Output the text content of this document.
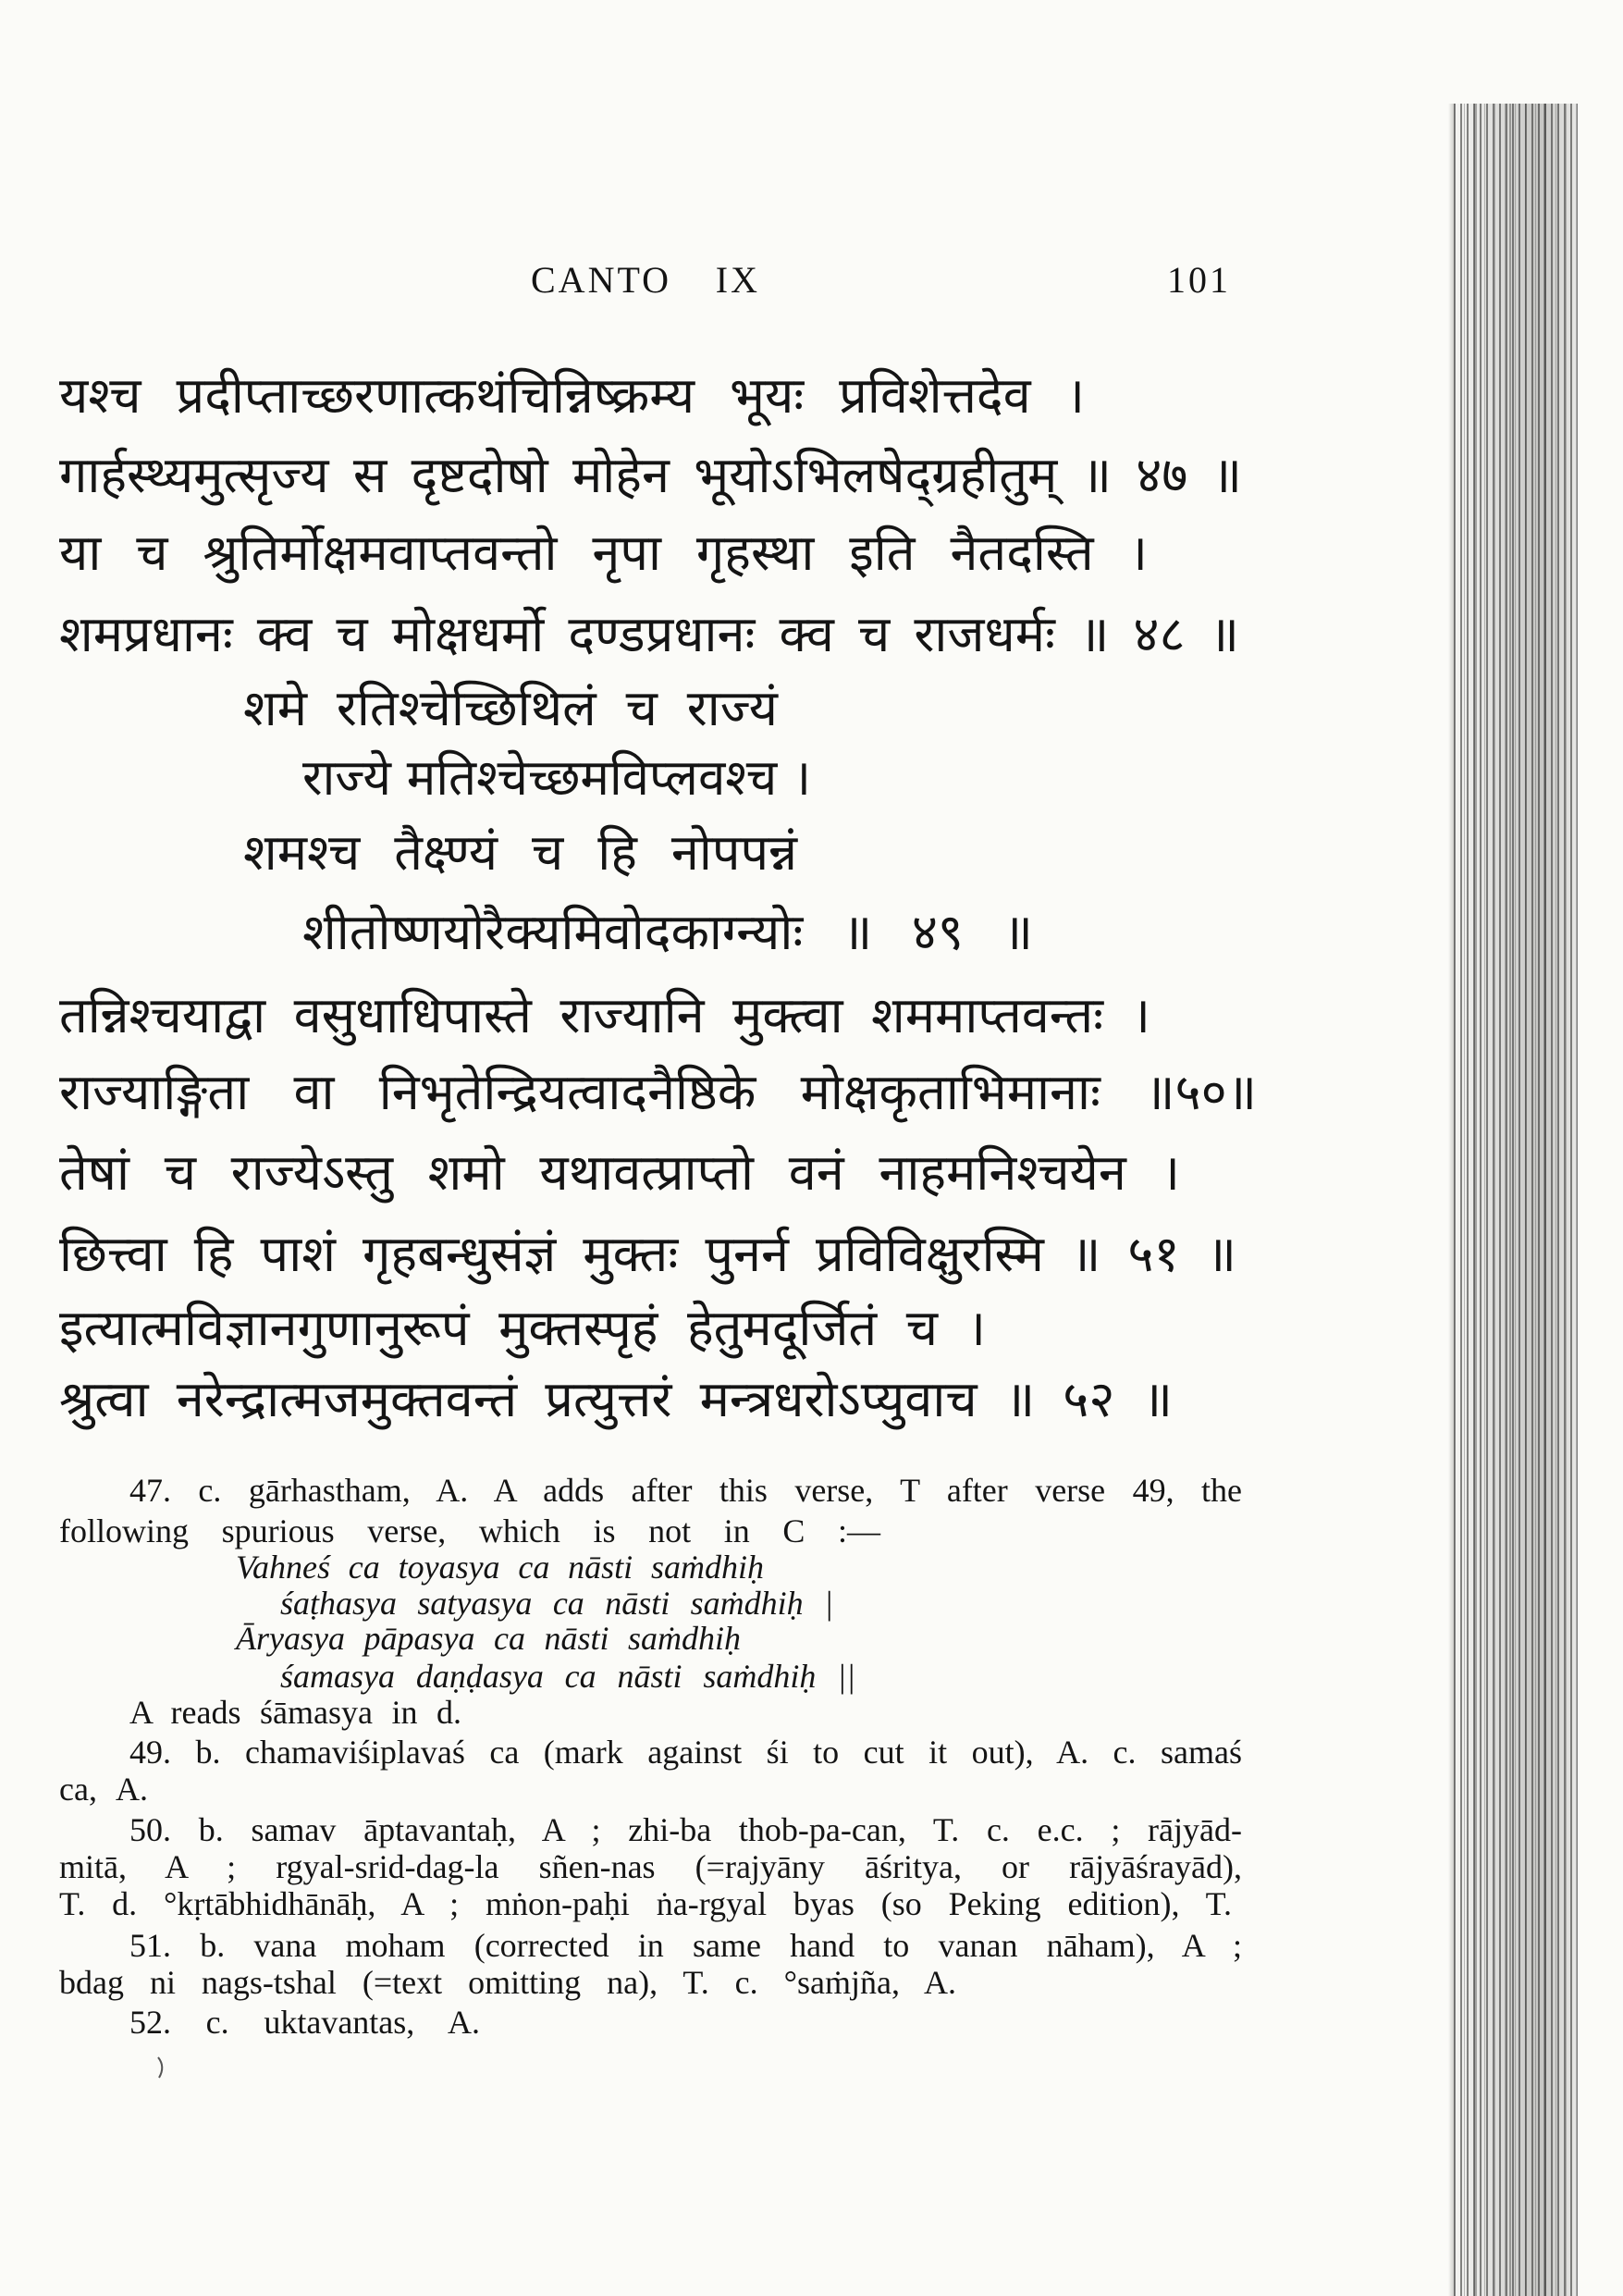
CANTO IX	101
यश्च प्रदीप्ताच्छरणात्कथंचिन्निष्क्रम्य भूयः प्रविशेत्तदेव ।
गार्हस्थ्यमुत्सृज्य स दृष्टदोषो मोहेन भूयोऽभिलषेद्ग्रहीतुम् ॥ ४७ ॥
या च श्रुतिर्मोक्षमवाप्तवन्तो नृपा गृहस्था इति नैतदस्ति ।
शमप्रधानः क्व च मोक्षधर्मो दण्डप्रधानः क्व च राजधर्मः ॥ ४८ ॥
शमे रतिश्चेच्छिथिलं च राज्यं
राज्ये मतिश्चेच्छमविप्लवश्च ।
शमश्च तैक्ष्ण्यं च हि नोपपन्नं
शीतोष्णयोरैक्यमिवोदकाग्न्योः ॥ ४९ ॥
तन्निश्चयाद्वा वसुधाधिपास्ते राज्यानि मुक्त्वा शममाप्तवन्तः ।
राज्याङ्गिता वा निभृतेन्द्रियत्वादनैष्ठिके मोक्षकृताभिमानाः ॥५०॥
तेषां च राज्येऽस्तु शमो यथावत्प्राप्तो वनं नाहमनिश्चयेन ।
छित्त्वा हि पाशं गृहबन्धुसंज्ञं मुक्तः पुनर्न प्रविविक्षुरस्मि ॥ ५१ ॥
इत्यात्मविज्ञानगुणानुरूपं मुक्तस्पृहं हेतुमदूर्जितं च ।
श्रुत्वा नरेन्द्रात्मजमुक्तवन्तं प्रत्युत्तरं मन्त्रधरोऽप्युवाच ॥ ५२ ॥
47. c. gārhastham, A. A adds after this verse, T after verse 49, the
following spurious verse, which is not in C :—
Vahneś ca toyasya ca nāsti saṁdhiḥ
śaṭhasya satyasya ca nāsti saṁdhiḥ |
Āryasya pāpasya ca nāsti saṁdhiḥ
śamasya daṇḍasya ca nāsti saṁdhiḥ ||
A reads śāmasya in d.
49. b. chamaviśiplavaś ca (mark against śi to cut it out), A. c. samaś
ca, A.
50. b. samav āptavantaḥ, A ; zhi-ba thob-pa-can, T. c. e.c. ; rājyād-
mitā, A ; rgyal-srid-dag-la sñen-nas (=rajyāny āśritya, or rājyāśrayād),
T. d. °kṛtābhidhānāḥ, A ; mṅon-paḥi ṅa-rgyal byas (so Peking edition), T.
51. b. vana moham (corrected in same hand to vanan nāham), A ;
bdag ni nags-tshal (=text omitting na), T. c. °saṁjña, A.
52. c. uktavantas, A.
